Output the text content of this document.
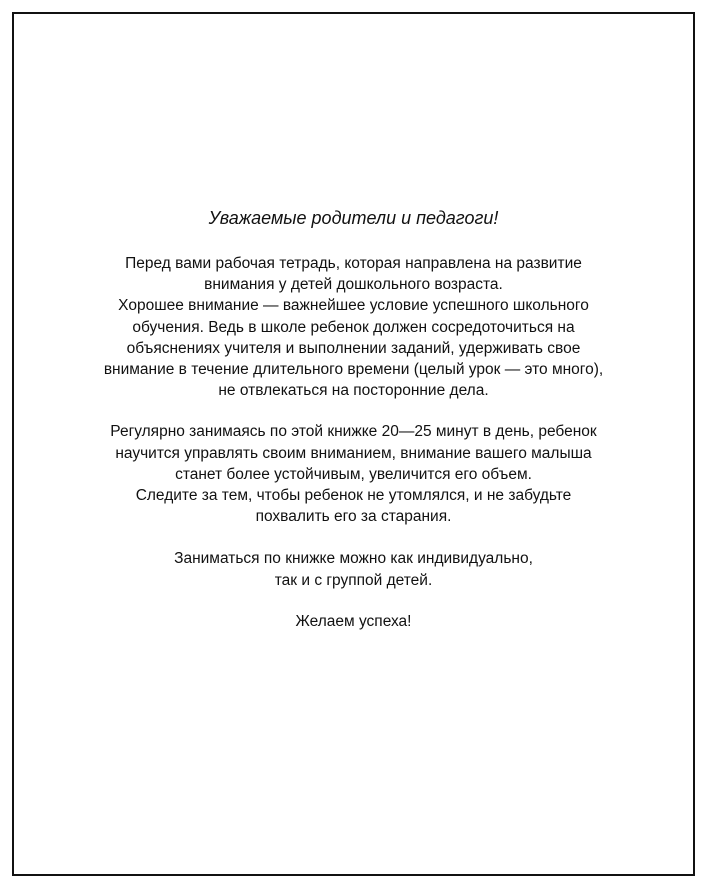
Уважаемые родители и педагоги!

Перед вами рабочая тетрадь, которая направлена на развитие
внимания у детей дошкольного возраста.
Хорошее внимание — важнейшее условие успешного школьного
обучения. Ведь в школе ребенок должен сосредоточиться на
объяснениях учителя и выполнении заданий, удерживать свое
внимание в течение длительного времени (целый урок — это много),
не отвлекаться на посторонние дела.

Регулярно занимаясь по этой книжке 20—25 минут в день, ребенок
научится управлять своим вниманием, внимание вашего малыша
станет более устойчивым, увеличится его объем.
Следите за тем, чтобы ребенок не утомлялся, и не забудьте
похвалить его за старания.

Заниматься по книжке можно как индивидуально,
так и с группой детей.

Желаем успеха!
